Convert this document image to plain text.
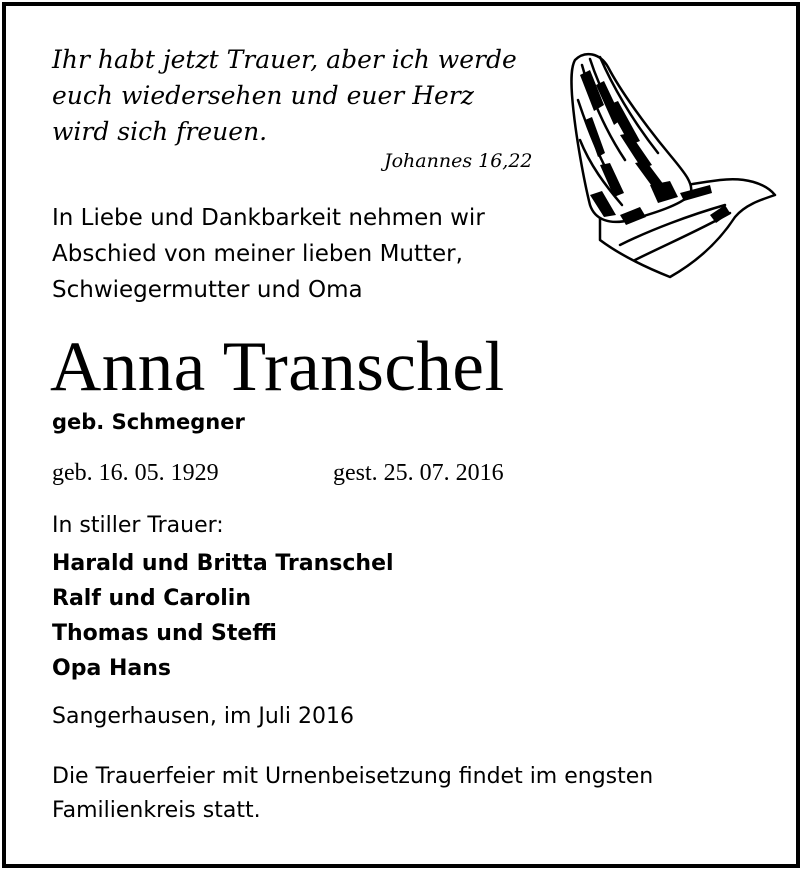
Ihr habt jetzt Trauer, aber ich werde
euch wiedersehen und euer Herz
wird sich freuen.
Johannes 16,22
In Liebe und Dankbarkeit nehmen wir
Abschied von meiner lieben Mutter,
Schwiegermutter und Oma
Anna Transchel
geb. Schmegner
geb. 16. 05. 1929	gest. 25. 07. 2016
In stiller Trauer:
Harald und Britta Transchel
Ralf und Carolin
Thomas und Steffi
Opa Hans
Sangerhausen, im Juli 2016
Die Trauerfeier mit Urnenbeisetzung findet im engsten
Familienkreis statt.
